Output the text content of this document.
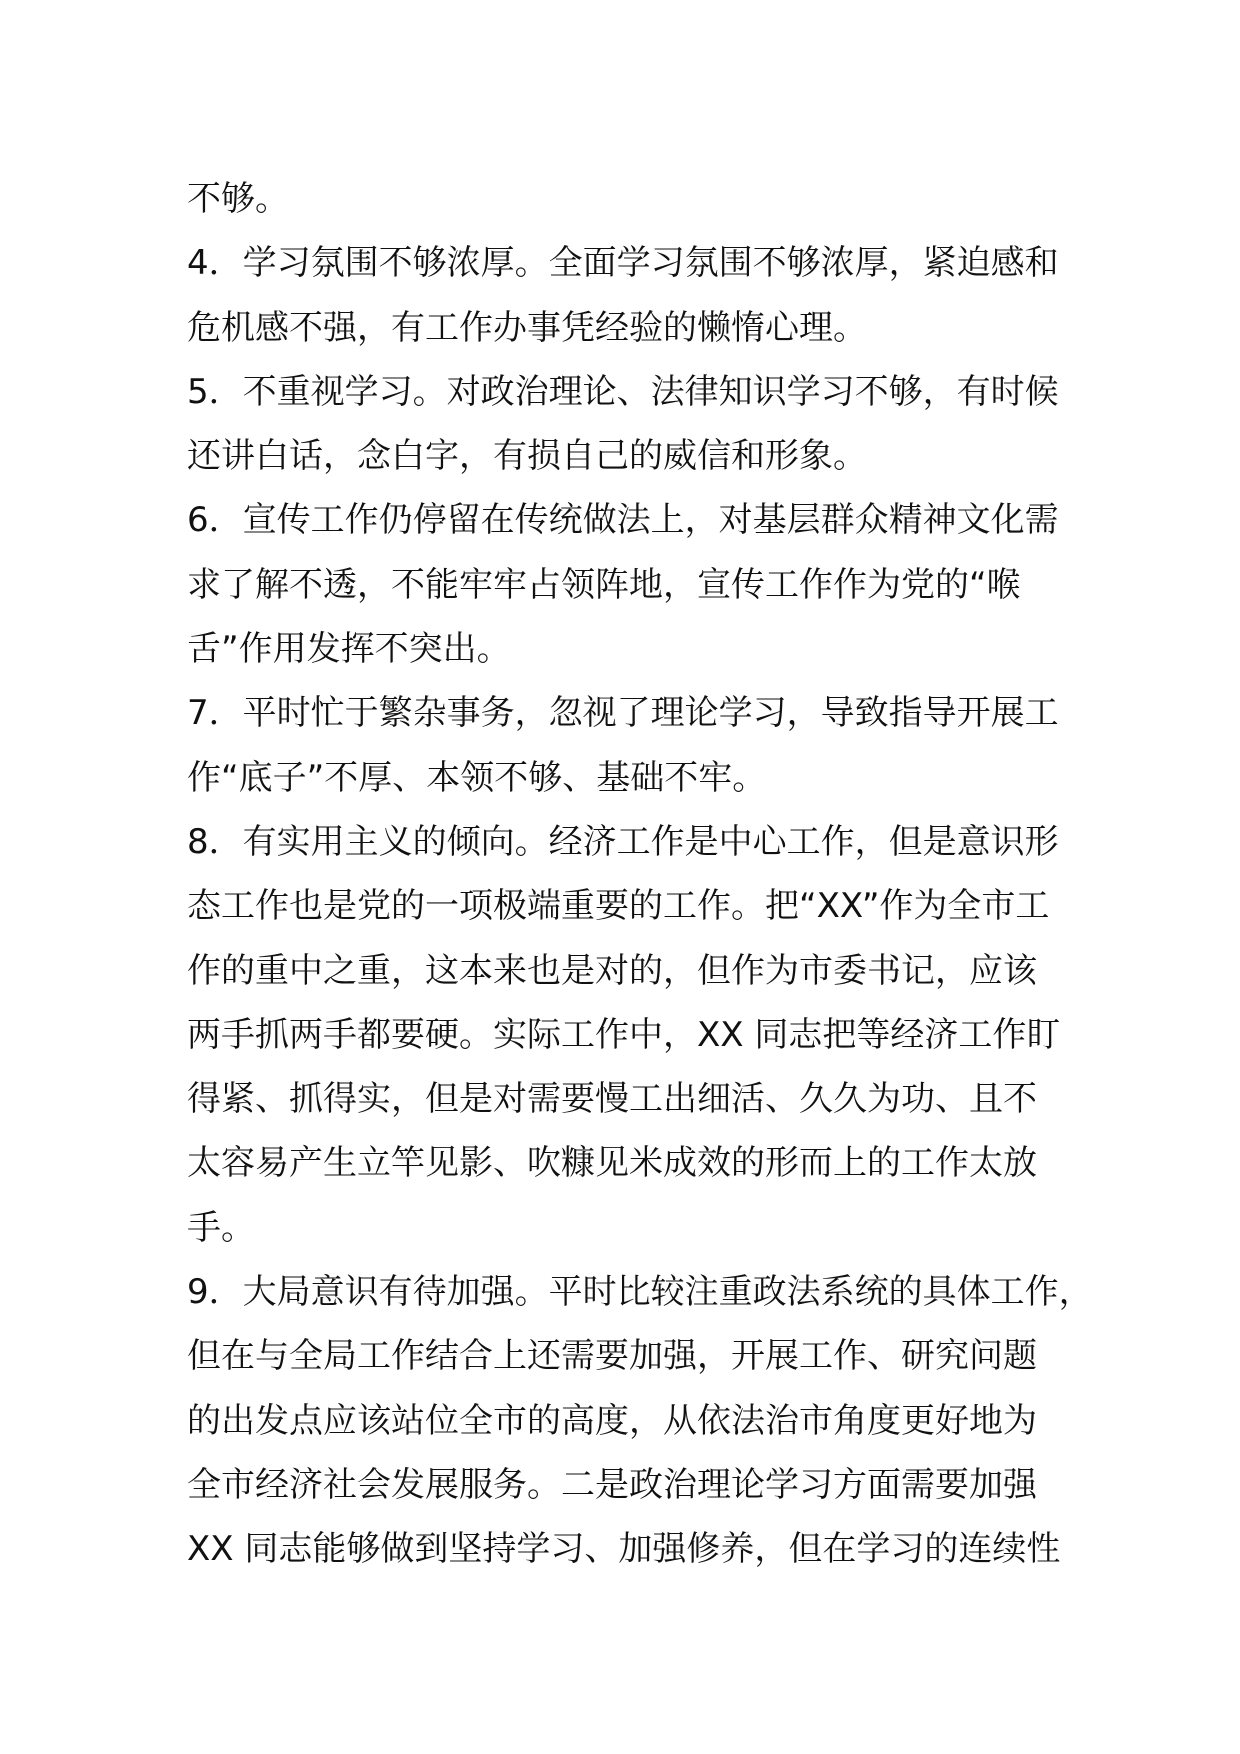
不够。
4．学习氛围不够浓厚。全面学习氛围不够浓厚，紧迫感和
危机感不强，有工作办事凭经验的懒惰心理。
5．不重视学习。对政治理论、法律知识学习不够，有时候
还讲白话，念白字，有损自己的威信和形象。
6．宣传工作仍停留在传统做法上，对基层群众精神文化需
求了解不透，不能牢牢占领阵地，宣传工作作为党的“喉
舌”作用发挥不突出。
7．平时忙于繁杂事务，忽视了理论学习，导致指导开展工
作“底子”不厚、本领不够、基础不牢。
8．有实用主义的倾向。经济工作是中心工作，但是意识形
态工作也是党的一项极端重要的工作。把“XX”作为全市工
作的重中之重，这本来也是对的，但作为市委书记，应该
两手抓两手都要硬。实际工作中，XX 同志把等经济工作盯
得紧、抓得实，但是对需要慢工出细活、久久为功、且不
太容易产生立竿见影、吹糠见米成效的形而上的工作太放
手。
9．大局意识有待加强。平时比较注重政法系统的具体工作，
但在与全局工作结合上还需要加强，开展工作、研究问题
的出发点应该站位全市的高度，从依法治市角度更好地为
全市经济社会发展服务。二是政治理论学习方面需要加强
XX 同志能够做到坚持学习、加强修养，但在学习的连续性
